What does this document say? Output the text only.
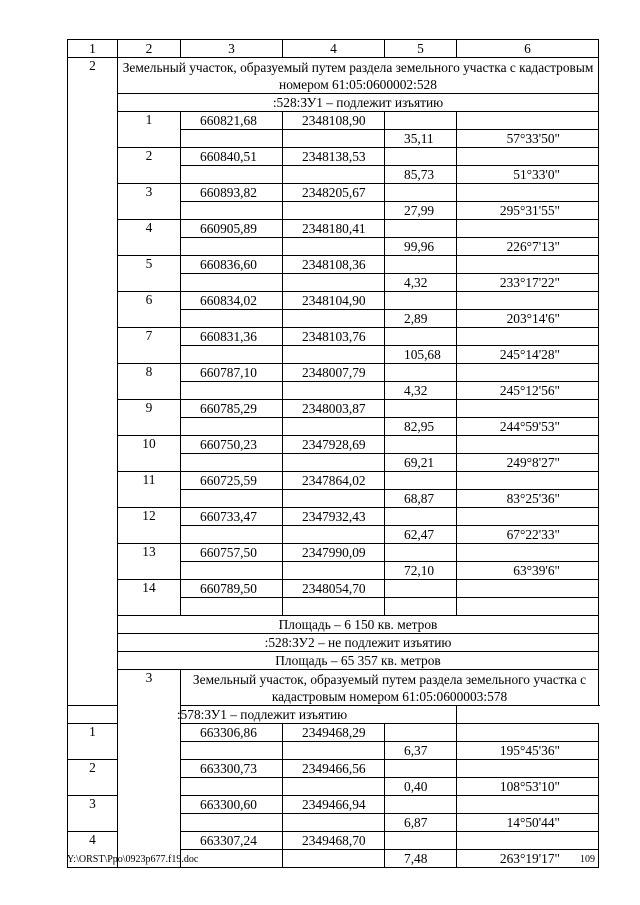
1	2	3	4	5	6
2	Земельный участок, образуемый путем раздела земельного участка с кадастровым номером 61:05:0600002:528				
	:528:ЗУ1 – подлежит изъятию				
	1	660821,68	2348108,90		
				35,11	57°33'50"
	2	660840,51	2348138,53		
				85,73	51°33'0"
	3	660893,82	2348205,67		
				27,99	295°31'55"
	4	660905,89	2348180,41		
				99,96	226°7'13"
	5	660836,60	2348108,36		
				4,32	233°17'22"
	6	660834,02	2348104,90		
				2,89	203°14'6"
	7	660831,36	2348103,76		
				105,68	245°14'28"
	8	660787,10	2348007,79		
				4,32	245°12'56"
	9	660785,29	2348003,87		
				82,95	244°59'53"
	10	660750,23	2347928,69		
				69,21	249°8'27"
	11	660725,59	2347864,02		
				68,87	83°25'36"
	12	660733,47	2347932,43		
				62,47	67°22'33"
	13	660757,50	2347990,09		
				72,10	63°39'6"
	14	660789,50	2348054,70		

	Площадь – 6 150 кв. метров				
	:528:ЗУ2 – не подлежит изъятию				
	Площадь – 65 357 кв. метров				
	3	Земельный участок, образуемый путем раздела земельного участка с кадастровым номером 61:05:0600003:578			
:578:ЗУ1 – подлежит изъятию					
1		663306,86	2349468,29		
				6,37	195°45'36"
2		663300,73	2349466,56		
				0,40	108°53'10"
3		663300,60	2349466,94		
				6,87	14°50'44"
4		663307,24	2349468,70		
				7,48	263°19'17"
Y:\ORST\Ppo\0923p677.f19.doc	109
